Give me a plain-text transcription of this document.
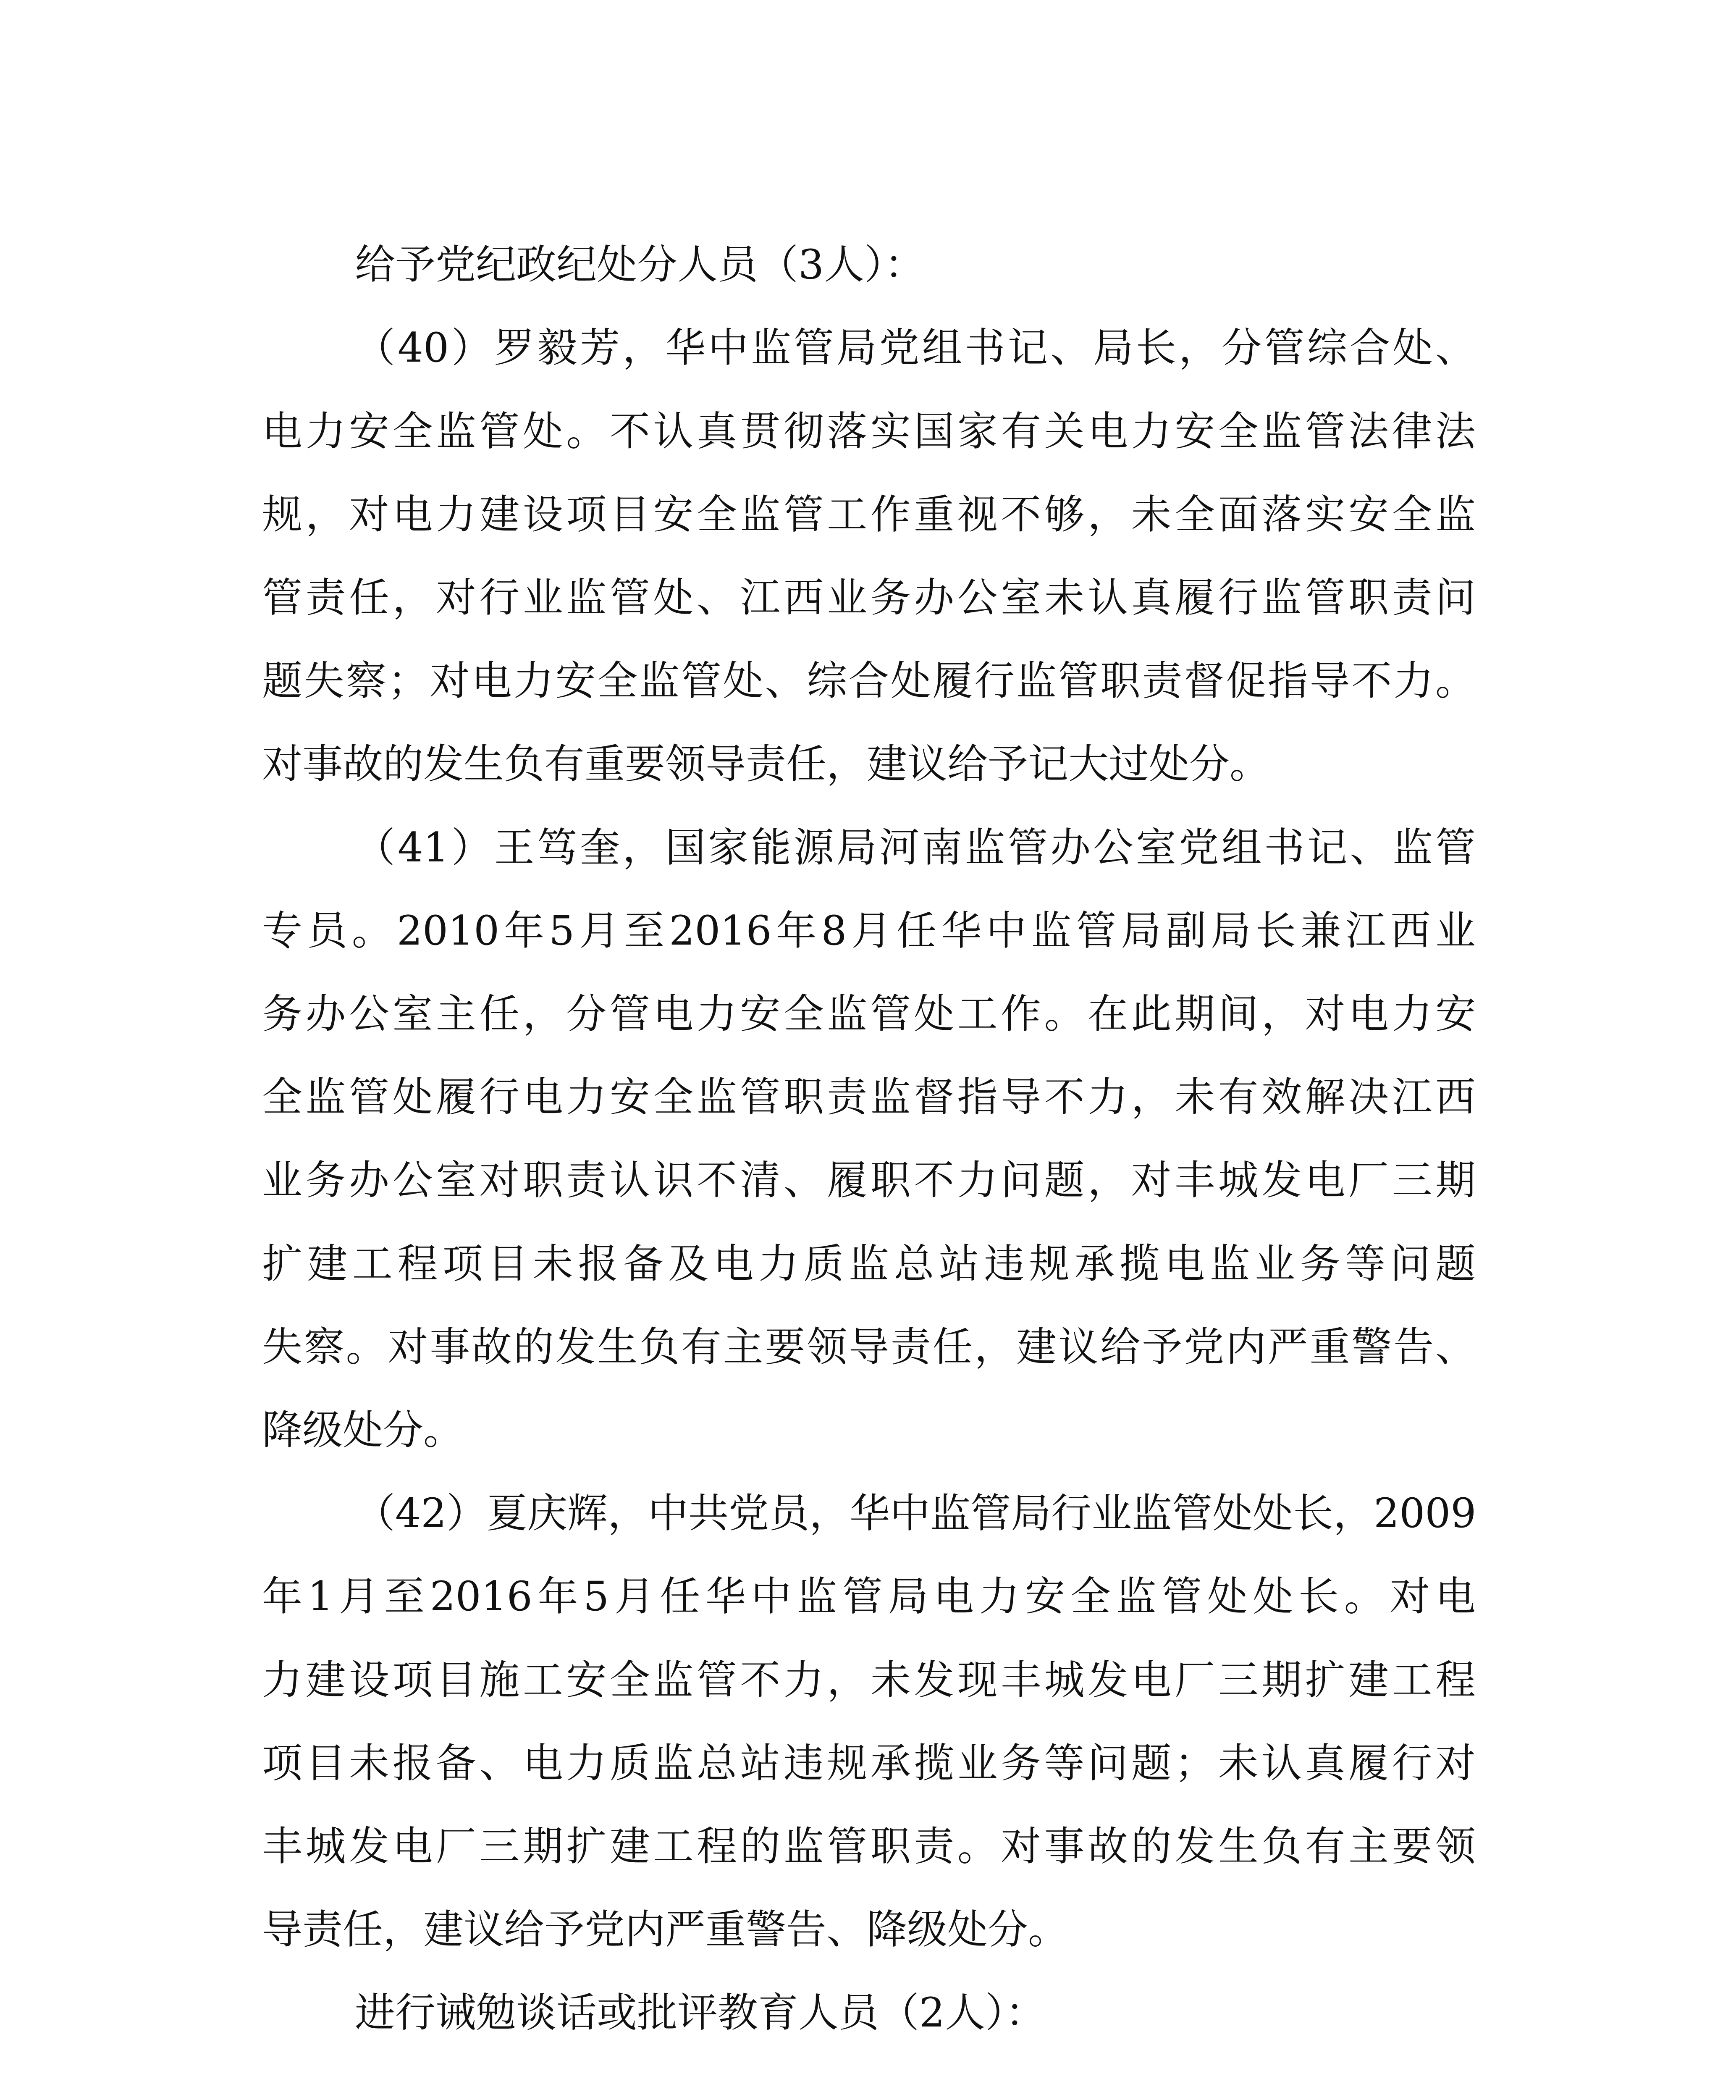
给予党纪政纪处分人员（3人）：
（40）罗毅芳，华中监管局党组书记、局长，分管综合处、
电力安全监管处。不认真贯彻落实国家有关电力安全监管法律法
规，对电力建设项目安全监管工作重视不够，未全面落实安全监
管责任，对行业监管处、江西业务办公室未认真履行监管职责问
题失察；对电力安全监管处、综合处履行监管职责督促指导不力。
对事故的发生负有重要领导责任，建议给予记大过处分。
（41）王笃奎，国家能源局河南监管办公室党组书记、监管
专员。2010年5月至2016年8月任华中监管局副局长兼江西业
务办公室主任，分管电力安全监管处工作。在此期间，对电力安
全监管处履行电力安全监管职责监督指导不力，未有效解决江西
业务办公室对职责认识不清、履职不力问题，对丰城发电厂三期
扩建工程项目未报备及电力质监总站违规承揽电监业务等问题
失察。对事故的发生负有主要领导责任，建议给予党内严重警告、
降级处分。
（42）夏庆辉，中共党员，华中监管局行业监管处处长，2009
年1月至2016年5月任华中监管局电力安全监管处处长。对电
力建设项目施工安全监管不力，未发现丰城发电厂三期扩建工程
项目未报备、电力质监总站违规承揽业务等问题；未认真履行对
丰城发电厂三期扩建工程的监管职责。对事故的发生负有主要领
导责任，建议给予党内严重警告、降级处分。
进行诫勉谈话或批评教育人员（2人）：
